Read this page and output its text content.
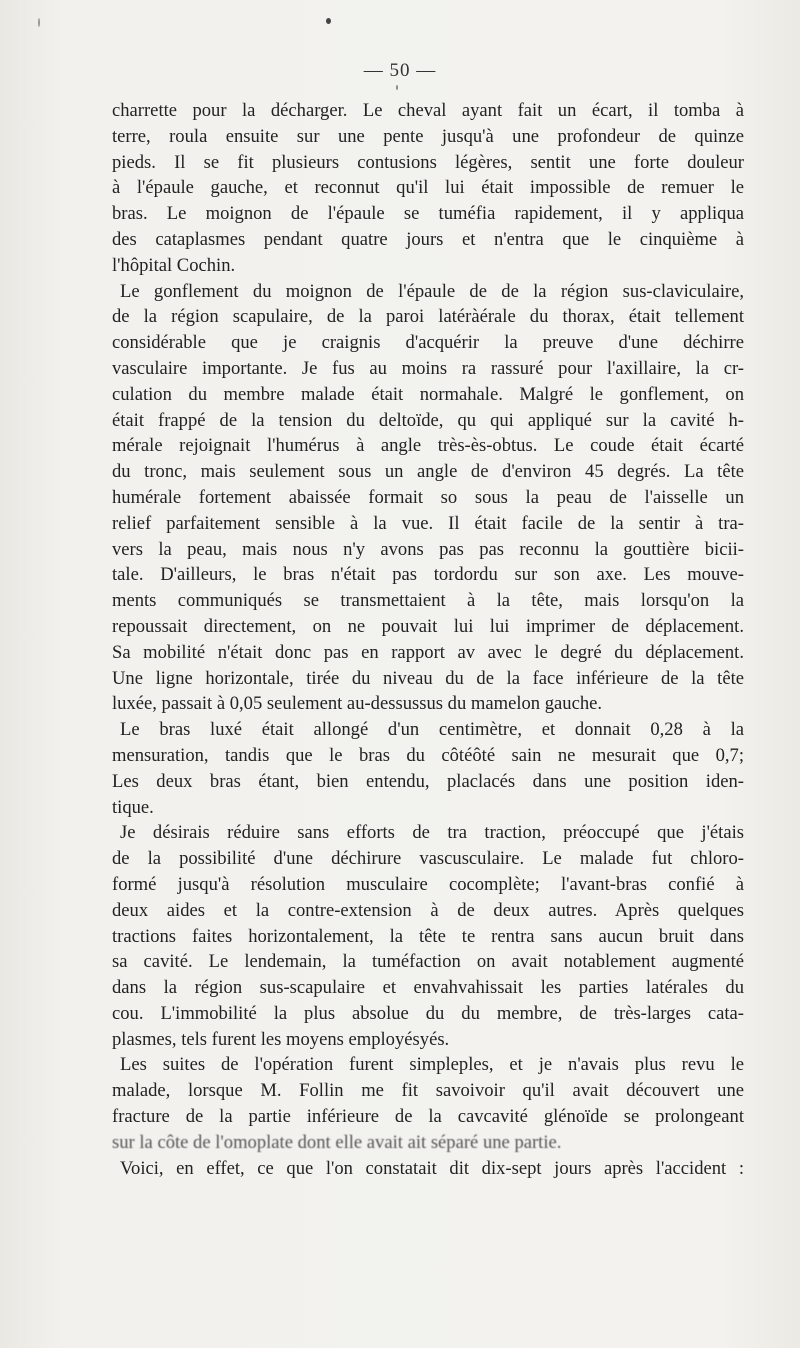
— 50 —
charrette pour la décharger. Le cheval ayant fait un écart, il tomba à
terre, roula ensuite sur une pente jusqu'à une profondeur de quinze
pieds. Il se fit plusieurs contusions légères, sentit une forte douleur
à l'épaule gauche, et reconnut qu'il lui était impossible de remuer le
bras. Le moignon de l'épaule se tuméfia rapidement, il y appliqua
des cataplasmes pendant quatre jours et n'entra que le cinquième à
l'hôpital Cochin.
Le gonflement du moignon de l'épaule de de la région sus-claviculaire,
de la région scapulaire, de la paroi latéràérale du thorax, était tellement
considérable que je craignis d'acquérir la preuve d'une déchirre
vasculaire importante. Je fus au moins ra rassuré pour l'axillaire, la cr-
culation du membre malade était normahale. Malgré le gonflement, on
était frappé de la tension du deltoïde, qu qui appliqué sur la cavité h-
mérale rejoignait l'humérus à angle très-ès-obtus. Le coude était écarté
du tronc, mais seulement sous un angle de d'environ 45 degrés. La tête
humérale fortement abaissée formait so sous la peau de l'aisselle un
relief parfaitement sensible à la vue. Il était facile de la sentir à tra-
vers la peau, mais nous n'y avons pas pas reconnu la gouttière bicii-
tale. D'ailleurs, le bras n'était pas tordordu sur son axe. Les mouve-
ments communiqués se transmettaient à la tête, mais lorsqu'on la
repoussait directement, on ne pouvait lui lui imprimer de déplacement.
Sa mobilité n'était donc pas en rapport av avec le degré du déplacement.
Une ligne horizontale, tirée du niveau du de la face inférieure de la tête
luxée, passait à 0,05 seulement au-dessussus du mamelon gauche.
Le bras luxé était allongé d'un centimètre, et donnait 0,28 à la
mensuration, tandis que le bras du côtéôté sain ne mesurait que 0,7;
Les deux bras étant, bien entendu, placlacés dans une position iden-
tique.
Je désirais réduire sans efforts de tra traction, préoccupé que j'étais
de la possibilité d'une déchirure vascusculaire. Le malade fut chloro-
formé jusqu'à résolution musculaire cocomplète; l'avant-bras confié à
deux aides et la contre-extension à de deux autres. Après quelques
tractions faites horizontalement, la tête te rentra sans aucun bruit dans
sa cavité. Le lendemain, la tuméfaction on avait notablement augmenté
dans la région sus-scapulaire et envahvahissait les parties latérales du
cou. L'immobilité la plus absolue du du membre, de très-larges cata-
plasmes, tels furent les moyens employésyés.
Les suites de l'opération furent simpleples, et je n'avais plus revu le
malade, lorsque M. Follin me fit savoivoir qu'il avait découvert une
fracture de la partie inférieure de la cavcavité glénoïde se prolongeant
sur la côte de l'omoplate dont elle avait ait séparé une partie.
Voici, en effet, ce que l'on constatait dit dix-sept jours après l'accident :
